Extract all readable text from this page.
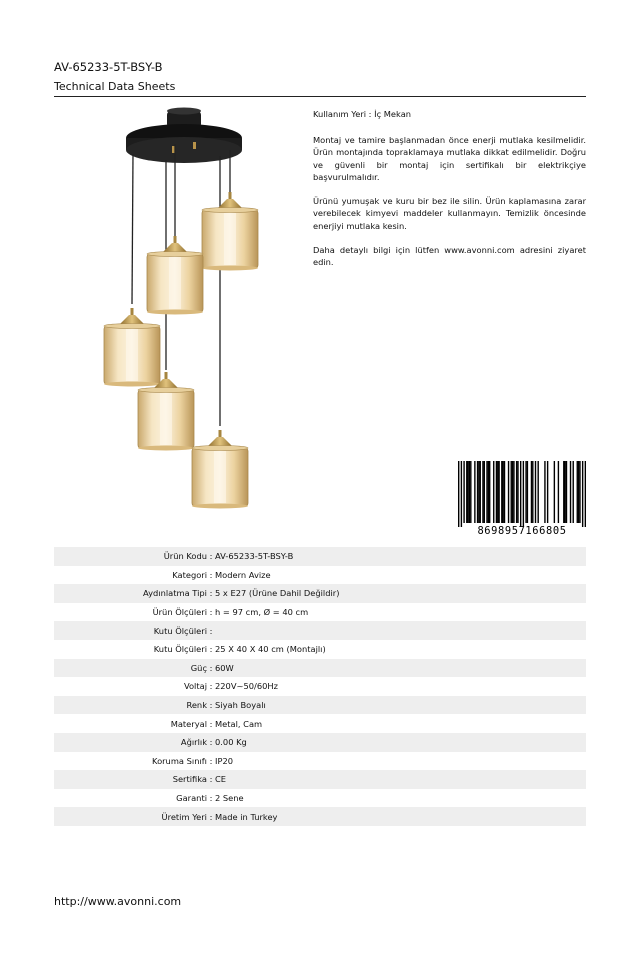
AV-65233-5T-BSY-B
Technical Data Sheets

Kullanım Yeri : İç Mekan

Montaj ve tamire başlanmadan önce enerji mutlaka kesilmelidir. Ürün montajında topraklamaya mutlaka dikkat edilmelidir. Doğru ve güvenli bir montaj için sertifikalı bir elektrikçiye başvurulmalıdır.

Ürünü yumuşak ve kuru bir bez ile silin. Ürün kaplamasına zarar verebilecek kimyevi maddeler kullanmayın. Temizlik öncesinde enerjiyi mutlaka kesin.

Daha detaylı bilgi için lütfen www.avonni.com adresini ziyaret edin.

8698957166805
Ürün Kodu : AV-65233-5T-BSY-B
Kategori : Modern Avize
Aydınlatma Tipi : 5 x E27 (Ürüne Dahil Değildir)
Ürün Ölçüleri : h = 97 cm, Ø = 40 cm
Kutu Ölçüleri :
Kutu Ölçüleri : 25 X 40 X 40 cm (Montajlı)
Güç : 60W
Voltaj : 220V~50/60Hz
Renk : Siyah Boyalı
Materyal : Metal, Cam
Ağırlık : 0.00 Kg
Koruma Sınıfı : IP20
Sertifika : CE
Garanti : 2 Sene
Üretim Yeri : Made in Turkey
http://www.avonni.com
